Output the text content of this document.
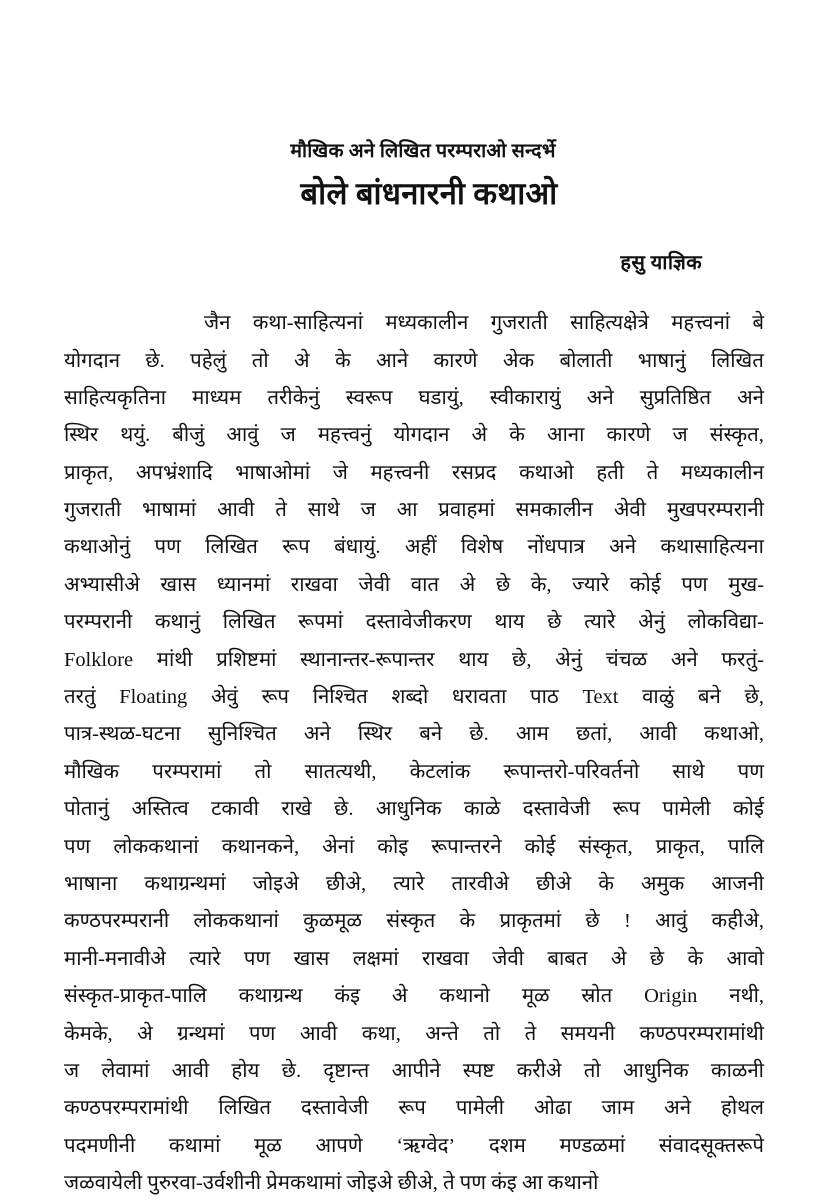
मौखिक अने लिखित परम्पराओ सन्दर्भे
बोले बांधनारनी कथाओ
हसु याज्ञिक
जैन कथा-साहित्यनां मध्यकालीन गुजराती साहित्यक्षेत्रे महत्त्वनां बे
योगदान छे. पहेलुं तो अे के आने कारणे अेक बोलाती भाषानुं लिखित
साहित्यकृतिना माध्यम तरीकेनुं स्वरूप घडायुं, स्वीकारायुं अने सुप्रतिष्ठित अने
स्थिर थयुं. बीजुं आवुं ज महत्त्वनुं योगदान अे के आना कारणे ज संस्कृत,
प्राकृत, अपभ्रंशादि भाषाओमां जे महत्त्वनी रसप्रद कथाओ हती ते मध्यकालीन
गुजराती भाषामां आवी ते साथे ज आ प्रवाहमां समकालीन अेवी मुखपरम्परानी
कथाओनुं पण लिखित रूप बंधायुं. अहीं विशेष नोंधपात्र अने कथासाहित्यना
अभ्यासीअे खास ध्यानमां राखवा जेवी वात अे छे के, ज्यारे कोई पण मुख-
परम्परानी कथानुं लिखित रूपमां दस्तावेजीकरण थाय छे त्यारे अेनुं लोकविद्या-
Folklore मांथी प्रशिष्टमां स्थानान्तर-रूपान्तर थाय छे, अेनुं चंचळ अने फरतुं-
तरतुं Floating अेवुं रूप निश्चित शब्दो धरावता पाठ Text वाळुं बने छे,
पात्र-स्थळ-घटना सुनिश्चित अने स्थिर बने छे. आम छतां, आवी कथाओ,
मौखिक परम्परामां तो सातत्यथी, केटलांक रूपान्तरो-परिवर्तनो साथे पण
पोतानुं अस्तित्व टकावी राखे छे. आधुनिक काळे दस्तावेजी रूप पामेली कोई
पण लोककथानां कथानकने, अेनां कोइ रूपान्तरने कोई संस्कृत, प्राकृत, पालि
भाषाना कथाग्रन्थमां जोइअे छीअे, त्यारे तारवीअे छीअे के अमुक आजनी
कण्ठपरम्परानी लोककथानां कुळमूळ संस्कृत के प्राकृतमां छे ! आवुं कहीअे,
मानी-मनावीअे त्यारे पण खास लक्षमां राखवा जेवी बाबत अे छे के आवो
संस्कृत-प्राकृत-पालि कथाग्रन्थ कंइ अे कथानो मूळ स्रोत Origin नथी,
केमके, अे ग्रन्थमां पण आवी कथा, अन्ते तो ते समयनी कण्ठपरम्परामांथी
ज लेवामां आवी होय छे. दृष्टान्त आपीने स्पष्ट करीअे तो आधुनिक काळनी
कण्ठपरम्परामांथी लिखित दस्तावेजी रूप पामेली ओढा जाम अने होथल
पदमणीनी कथामां मूळ आपणे ‘ऋग्वेद’ दशम मण्डळमां संवादसूक्तरूपे
जळवायेली पुरुरवा-उर्वशीनी प्रेमकथामां जोइअे छीअे, ते पण कंइ आ कथानो
